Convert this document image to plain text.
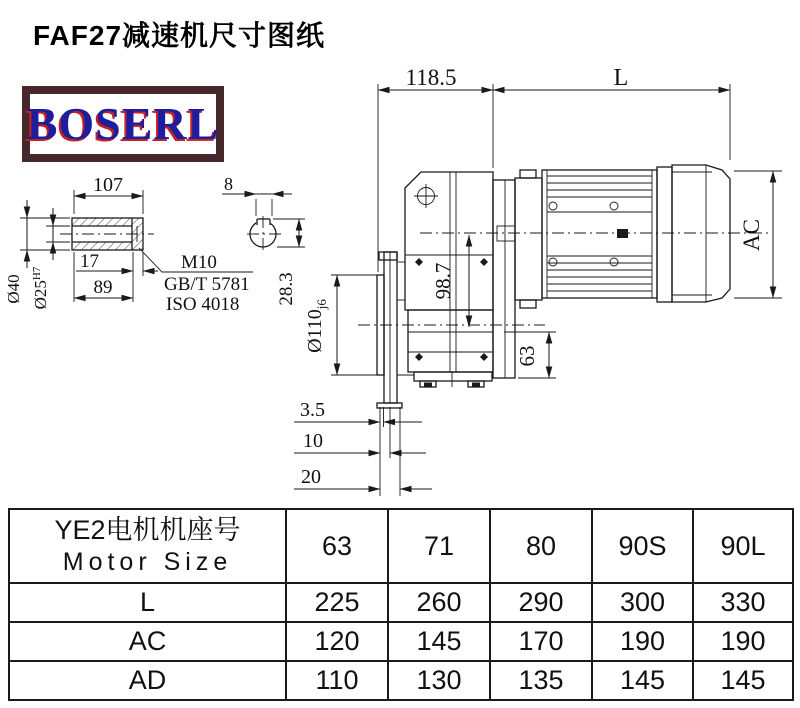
107
17
89
Ø40 $Ø25^{H7}$
M10
GB/T 5781
ISO 4018
8
28.3
118.5	L
AC
98.7
$Ø110_{j6}$
63
3.5
10
20
FAF27减速机尺寸图纸
BOSERL
YE2电机机座号
Motor Size	63	71	80	90S	90L
L	225	260	290	300	330
AC	120	145	170	190	190
AD	110	130	135	145	145
